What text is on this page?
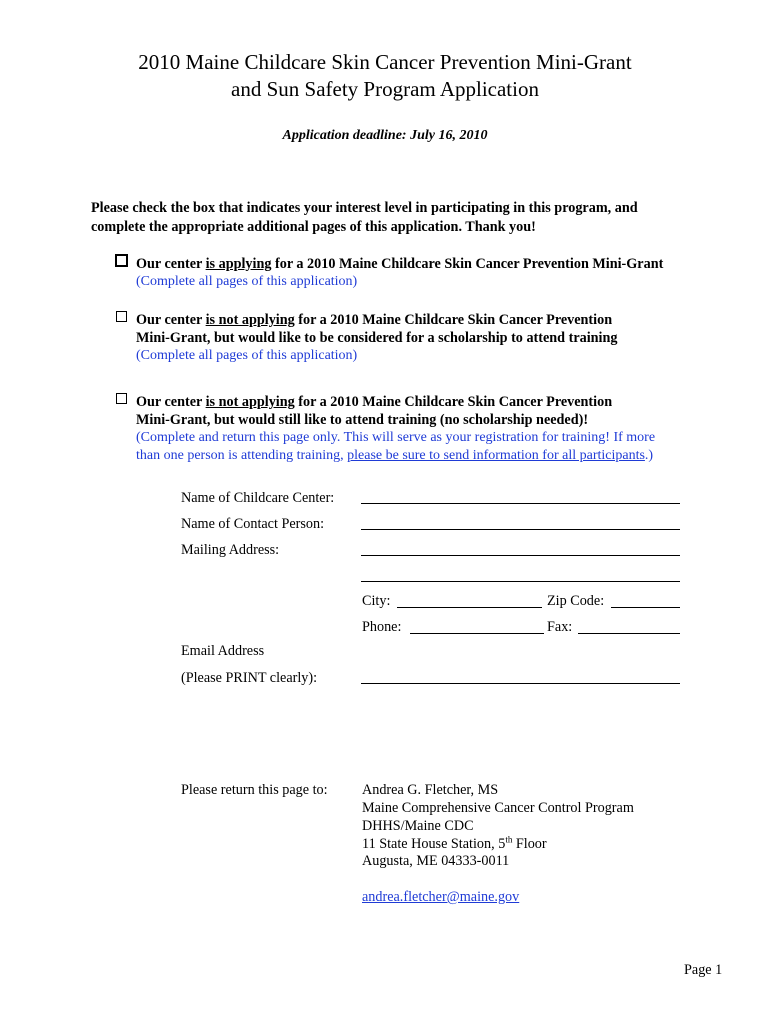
2010 Maine Childcare Skin Cancer Prevention Mini-Grant
and Sun Safety Program Application
Application deadline: July 16, 2010
Please check the box that indicates your interest level in participating in this program, and complete the appropriate additional pages of this application. Thank you!
Our center is applying for a 2010 Maine Childcare Skin Cancer Prevention Mini-Grant
(Complete all pages of this application)
Our center is not applying for a 2010 Maine Childcare Skin Cancer Prevention
Mini-Grant, but would like to be considered for a scholarship to attend training
(Complete all pages of this application)
Our center is not applying for a 2010 Maine Childcare Skin Cancer Prevention
Mini-Grant, but would still like to attend training (no scholarship needed)!
(Complete and return this page only. This will serve as your registration for training! If more
than one person is attending training, please be sure to send information for all participants.)
Name of Childcare Center:
Name of Contact Person:
Mailing Address:
City:	Zip Code:
Phone:	Fax:
Email Address
(Please PRINT clearly):
Please return this page to: Andrea G. Fletcher, MS
Maine Comprehensive Cancer Control Program
DHHS/Maine CDC
11 State House Station, 5th Floor
Augusta, ME 04333-0011
andrea.fletcher@maine.gov
Page 1
